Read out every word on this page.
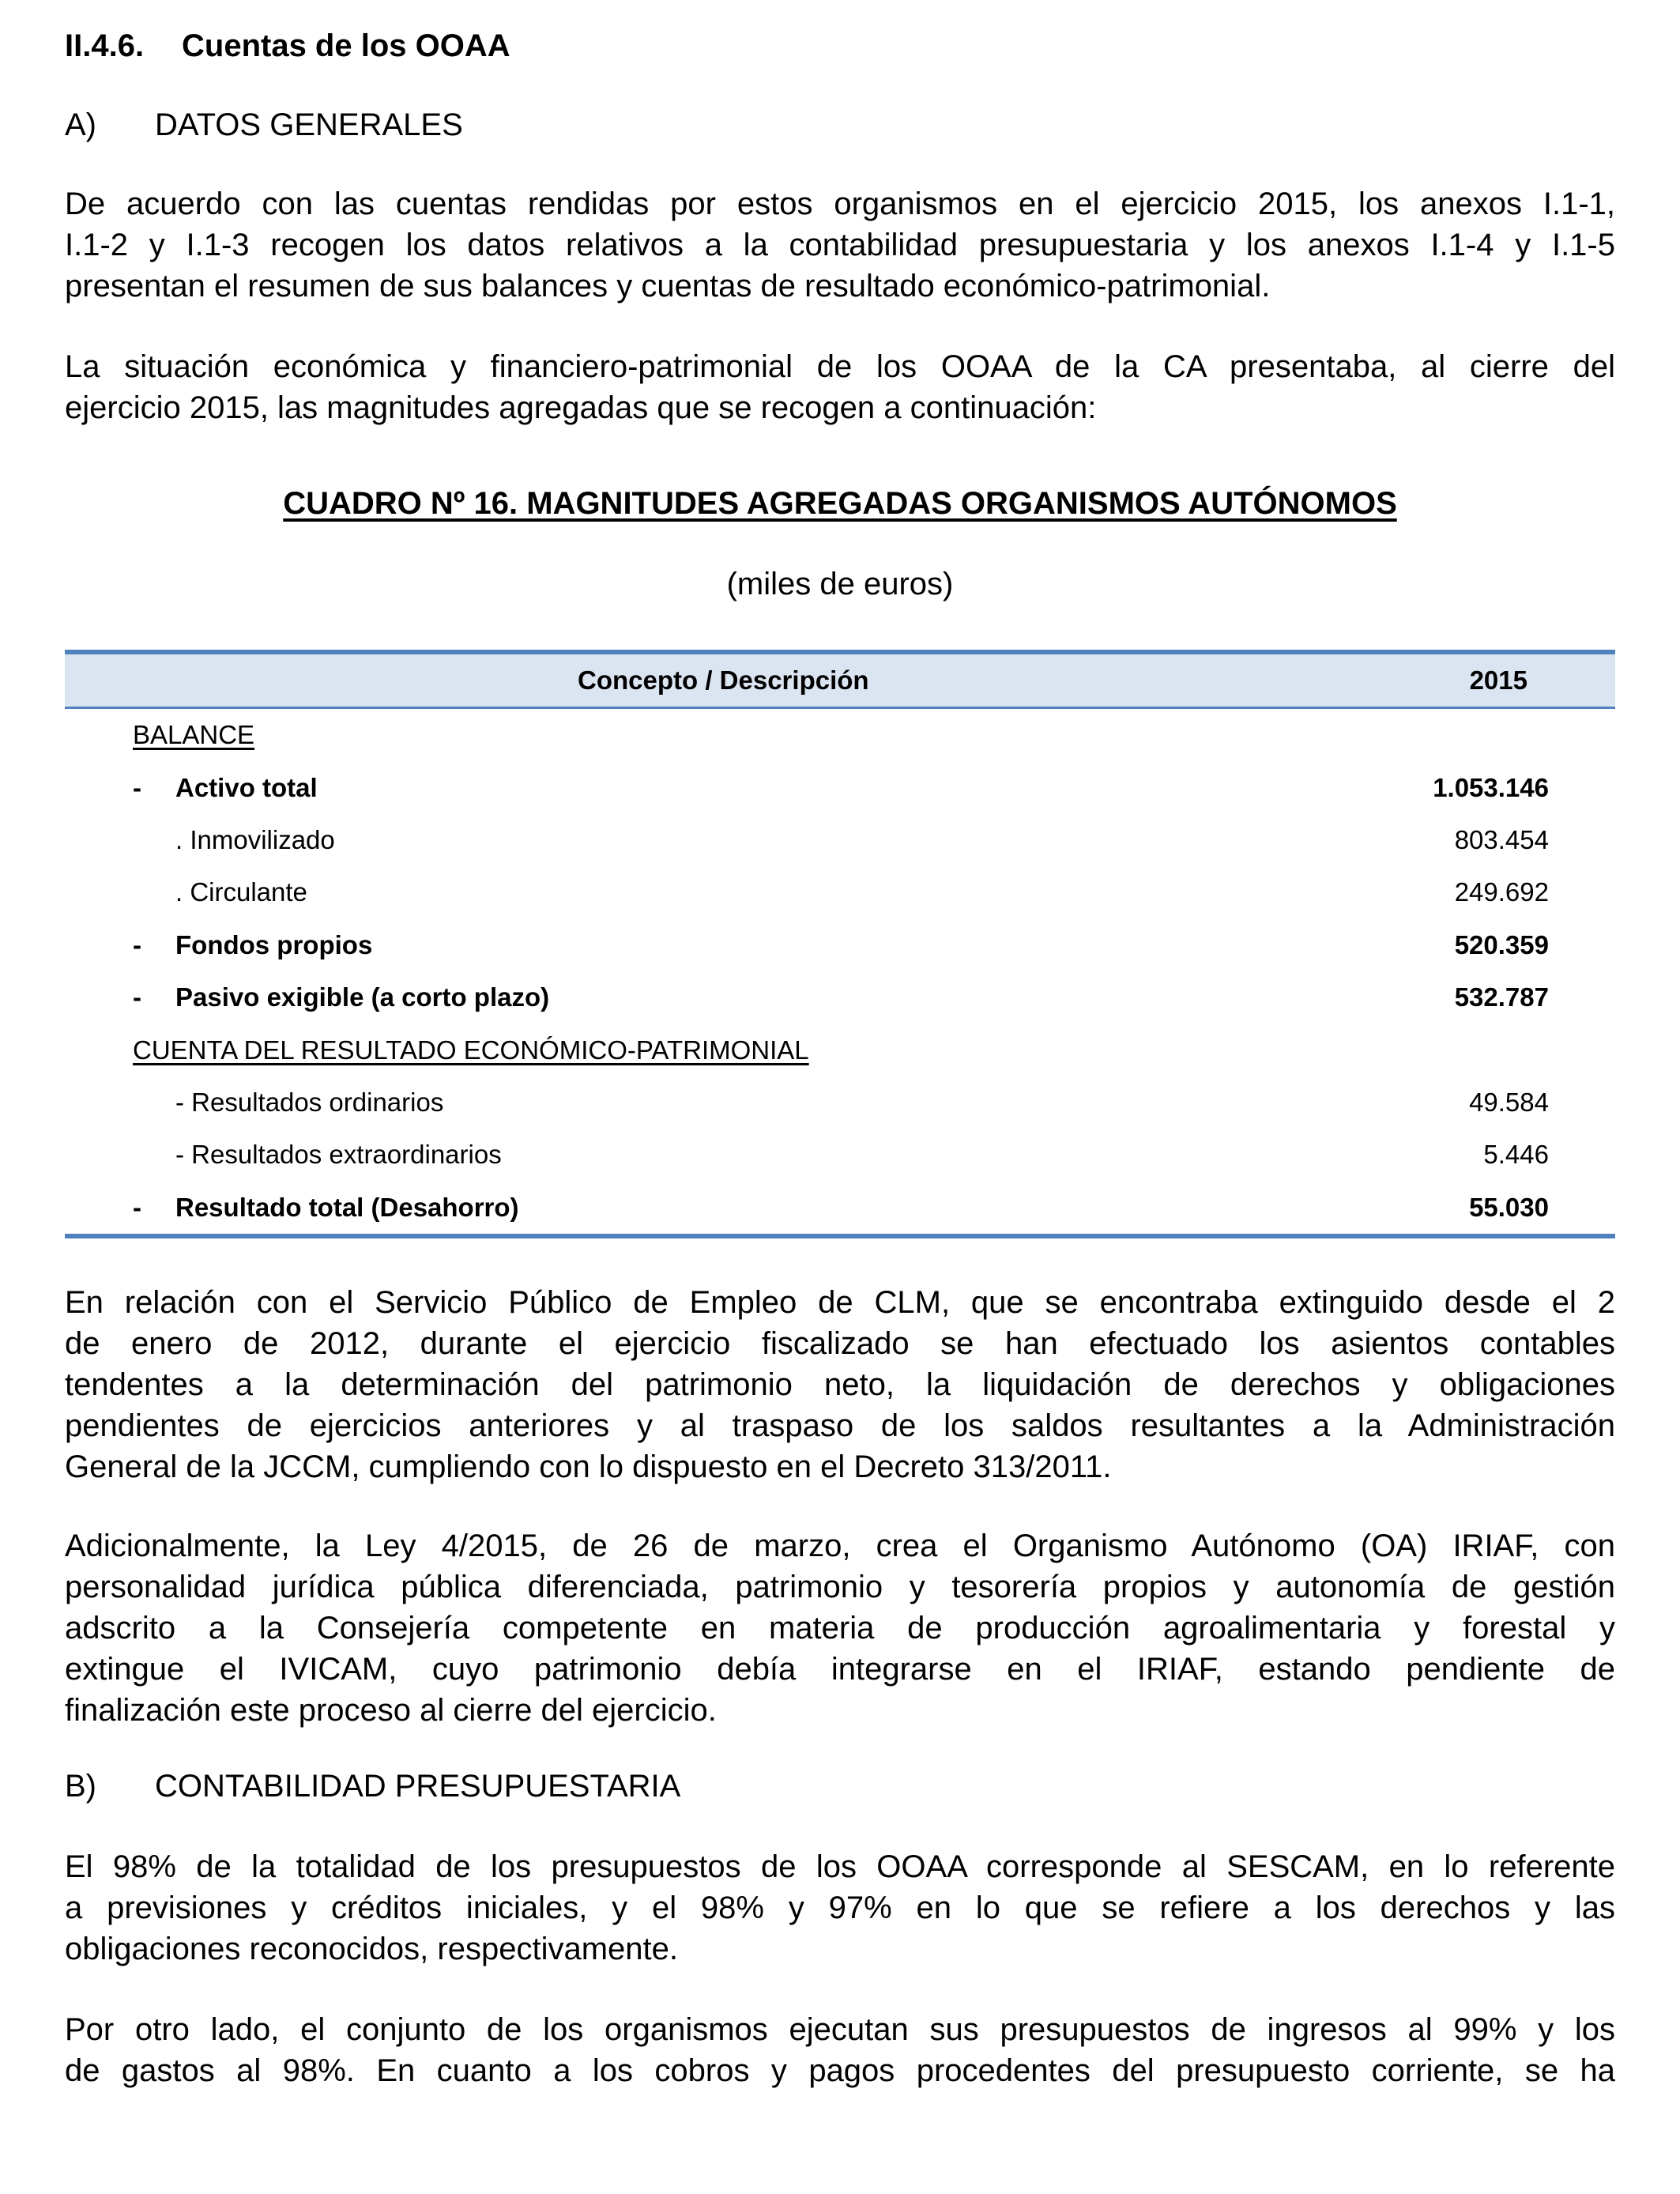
II.4.6. Cuentas de los OOAA
A) DATOS GENERALES

De acuerdo con las cuentas rendidas por estos organismos en el ejercicio 2015, los anexos I.1-1,
I.1-2 y I.1-3 recogen los datos relativos a la contabilidad presupuestaria y los anexos I.1-4 y I.1-5
presentan el resumen de sus balances y cuentas de resultado económico-patrimonial.

La situación económica y financiero-patrimonial de los OOAA de la CA presentaba, al cierre del
ejercicio 2015, las magnitudes agregadas que se recogen a continuación:

CUADRO Nº 16. MAGNITUDES AGREGADAS ORGANISMOS AUTÓNOMOS
(miles de euros)
Concepto / Descripción	2015
BALANCE	
- Activo total	1.053.146
. Inmovilizado	803.454
. Circulante	249.692
- Fondos propios	520.359
- Pasivo exigible (a corto plazo)	532.787
CUENTA DEL RESULTADO ECONÓMICO-PATRIMONIAL	
- Resultados ordinarios	49.584
- Resultados extraordinarios	5.446
- Resultado total (Desahorro)	55.030

En relación con el Servicio Público de Empleo de CLM, que se encontraba extinguido desde el 2
de enero de 2012, durante el ejercicio fiscalizado se han efectuado los asientos contables
tendentes a la determinación del patrimonio neto, la liquidación de derechos y obligaciones
pendientes de ejercicios anteriores y al traspaso de los saldos resultantes a la Administración
General de la JCCM, cumpliendo con lo dispuesto en el Decreto 313/2011.

Adicionalmente, la Ley 4/2015, de 26 de marzo, crea el Organismo Autónomo (OA) IRIAF, con
personalidad jurídica pública diferenciada, patrimonio y tesorería propios y autonomía de gestión
adscrito a la Consejería competente en materia de producción agroalimentaria y forestal y
extingue el IVICAM, cuyo patrimonio debía integrarse en el IRIAF, estando pendiente de
finalización este proceso al cierre del ejercicio.

B) CONTABILIDAD PRESUPUESTARIA

El 98% de la totalidad de los presupuestos de los OOAA corresponde al SESCAM, en lo referente
a previsiones y créditos iniciales, y el 98% y 97% en lo que se refiere a los derechos y las
obligaciones reconocidos, respectivamente.

Por otro lado, el conjunto de los organismos ejecutan sus presupuestos de ingresos al 99% y los
de gastos al 98%. En cuanto a los cobros y pagos procedentes del presupuesto corriente, se ha
